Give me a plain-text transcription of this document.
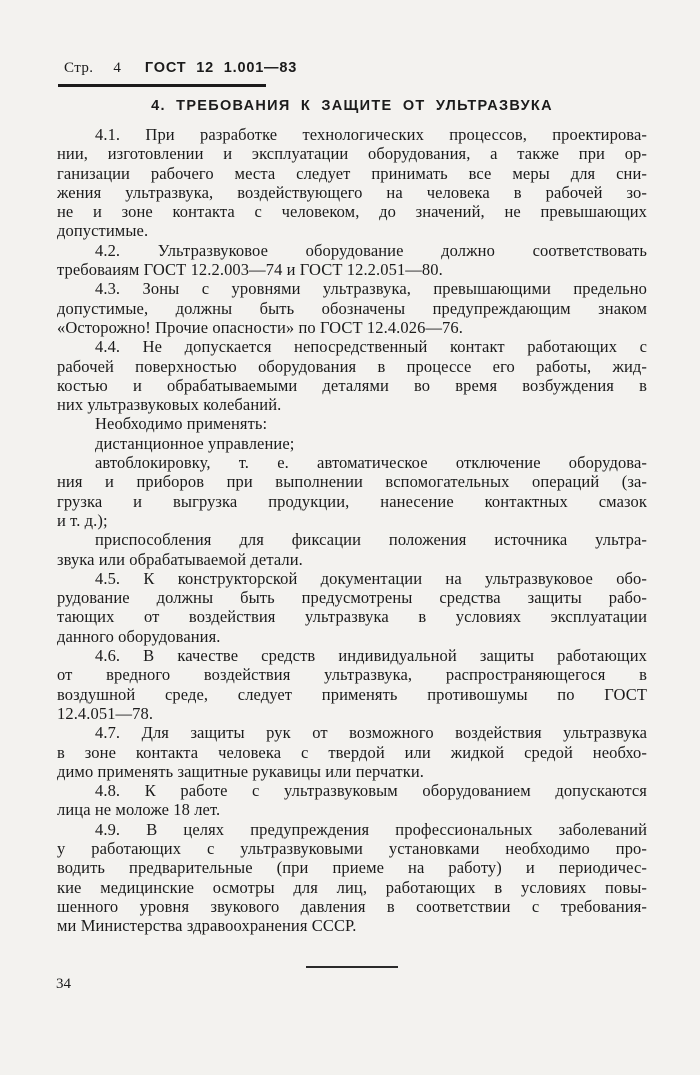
Стр. 4 ГОСТ 12 1.001—83
4. ТРЕБОВАНИЯ К ЗАЩИТЕ ОТ УЛЬТРАЗВУКА
4.1. При разработке технологических процессов, проектирова-
нии, изготовлении и эксплуатации оборудования, а также при ор-
ганизации рабочего места следует принимать все меры для сни-
жения ультразвука, воздействующего на человека в рабочей зо-
не и зоне контакта с человеком, до значений, не превышающих
допустимые.
4.2. Ультразвуковое оборудование должно соответствовать
требоваиям ГОСТ 12.2.003—74 и ГОСТ 12.2.051—80.
4.3. Зоны с уровнями ультразвука, превышающими предельно
допустимые, должны быть обозначены предупреждающим знаком
«Осторожно! Прочие опасности» по ГОСТ 12.4.026—76.
4.4. Не допускается непосредственный контакт работающих с
рабочей поверхностью оборудования в процессе его работы, жид-
костью и обрабатываемыми деталями во время возбуждения в
них ультразвуковых колебаний.
Необходимо применять:
дистанционное управление;
автоблокировку, т. е. автоматическое отключение оборудова-
ния и приборов при выполнении вспомогательных операций (за-
грузка и выгрузка продукции, нанесение контактных смазок
и т. д.);
приспособления для фиксации положения источника ультра-
звука или обрабатываемой детали.
4.5. К конструкторской документации на ультразвуковое обо-
рудование должны быть предусмотрены средства защиты рабо-
тающих от воздействия ультразвука в условиях эксплуатации
данного оборудования.
4.6. В качестве средств индивидуальной защиты работающих
от вредного воздействия ультразвука, распространяющегося в
воздушной среде, следует применять противошумы по ГОСТ
12.4.051—78.
4.7. Для защиты рук от возможного воздействия ультразвука
в зоне контакта человека с твердой или жидкой средой необхо-
димо применять защитные рукавицы или перчатки.
4.8. К работе с ультразвуковым оборудованием допускаются
лица не моложе 18 лет.
4.9. В целях предупреждения профессиональных заболеваний
у работающих с ультразвуковыми установками необходимо про-
водить предварительные (при приеме на работу) и периодичес-
кие медицинские осмотры для лиц, работающих в условиях повы-
шенного уровня звукового давления в соответствии с требования-
ми Министерства здравоохранения СССР.
34
